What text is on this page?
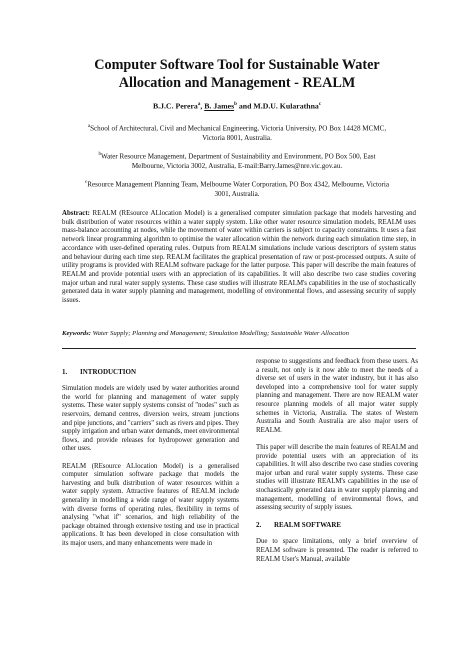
Computer Software Tool for Sustainable Water
Allocation and Management - REALM
B.J.C. Perera$^a$, B. James$^b$ and M.D.U. Kularathna$^c$
$^a$School of Architectural, Civil and Mechanical Engineering, Victoria University, PO Box 14428 MCMC,
Victoria 8001, Australia.
$^b$Water Resource Management, Department of Sustainability and Environment, PO Box 500, East
Melbourne, Victoria 3002, Australia, E-mail:Barry.James@nre.vic.gov.au.
$^c$Resource Management Planning Team, Melbourne Water Corporation, PO Box 4342, Melbourne, Victoria
3001, Australia.
Abstract: REALM (REsource ALlocation Model) is a generalised computer simulation package that models harvesting and bulk distribution of water resources within a water supply system. Like other water resource simulation models, REALM uses mass-balance accounting at nodes, while the movement of water within carriers is subject to capacity constraints. It uses a fast network linear programming algorithm to optimise the water allocation within the network during each simulation time step, in accordance with user-defined operating rules. Outputs from REALM simulations include various descriptors of system status and behaviour during each time step. REALM facilitates the graphical presentation of raw or post-processed outputs. A suite of utility programs is provided with REALM software package for the latter purpose. This paper will describe the main features of REALM and provide potential users with an appreciation of its capabilities. It will also describe two case studies covering major urban and rural water supply systems. These case studies will illustrate REALM's capabilities in the use of stochastically generated data in water supply planning and management, modelling of environmental flows, and assessing security of supply issues.
Keywords: Water Supply; Planning and Management; Simulation Modelling; Sustainable Water Allocation
1. INTRODUCTION

Simulation models are widely used by water authorities around the world for planning and management of water supply systems. These water supply systems consist of "nodes" such as reservoirs, demand centres, diversion weirs, stream junctions and pipe junctions, and "carriers" such as rivers and pipes. They supply irrigation and urban water demands, meet environmental flows, and provide releases for hydropower generation and other uses.

REALM (REsource ALlocation Model) is a generalised computer simulation software package that models the harvesting and bulk distribution of water resources within a water supply system. Attractive features of REALM include generality in modelling a wide range of water supply systems with diverse forms of operating rules, flexibility in terms of analysing "what if" scenarios, and high reliability of the package obtained through extensive testing and use in practical applications. It has been developed in close consultation with its major users, and many enhancements were made in

response to suggestions and feedback from these users. As a result, not only is it now able to meet the needs of a diverse set of users in the water industry, but it has also developed into a comprehensive tool for water supply planning and management. There are now REALM water resource planning models of all major water supply schemes in Victoria, Australia. The states of Western Australia and South Australia are also major users of REALM.

This paper will describe the main features of REALM and provide potential users with an appreciation of its capabilities. It will also describe two case studies covering major urban and rural water supply systems. These case studies will illustrate REALM's capabilities in the use of stochastically generated data in water supply planning and management, modelling of environmental flows, and assessing security of supply issues.

2. REALM SOFTWARE

Due to space limitations, only a brief overview of REALM software is presented. The reader is referred to REALM User's Manual, available
